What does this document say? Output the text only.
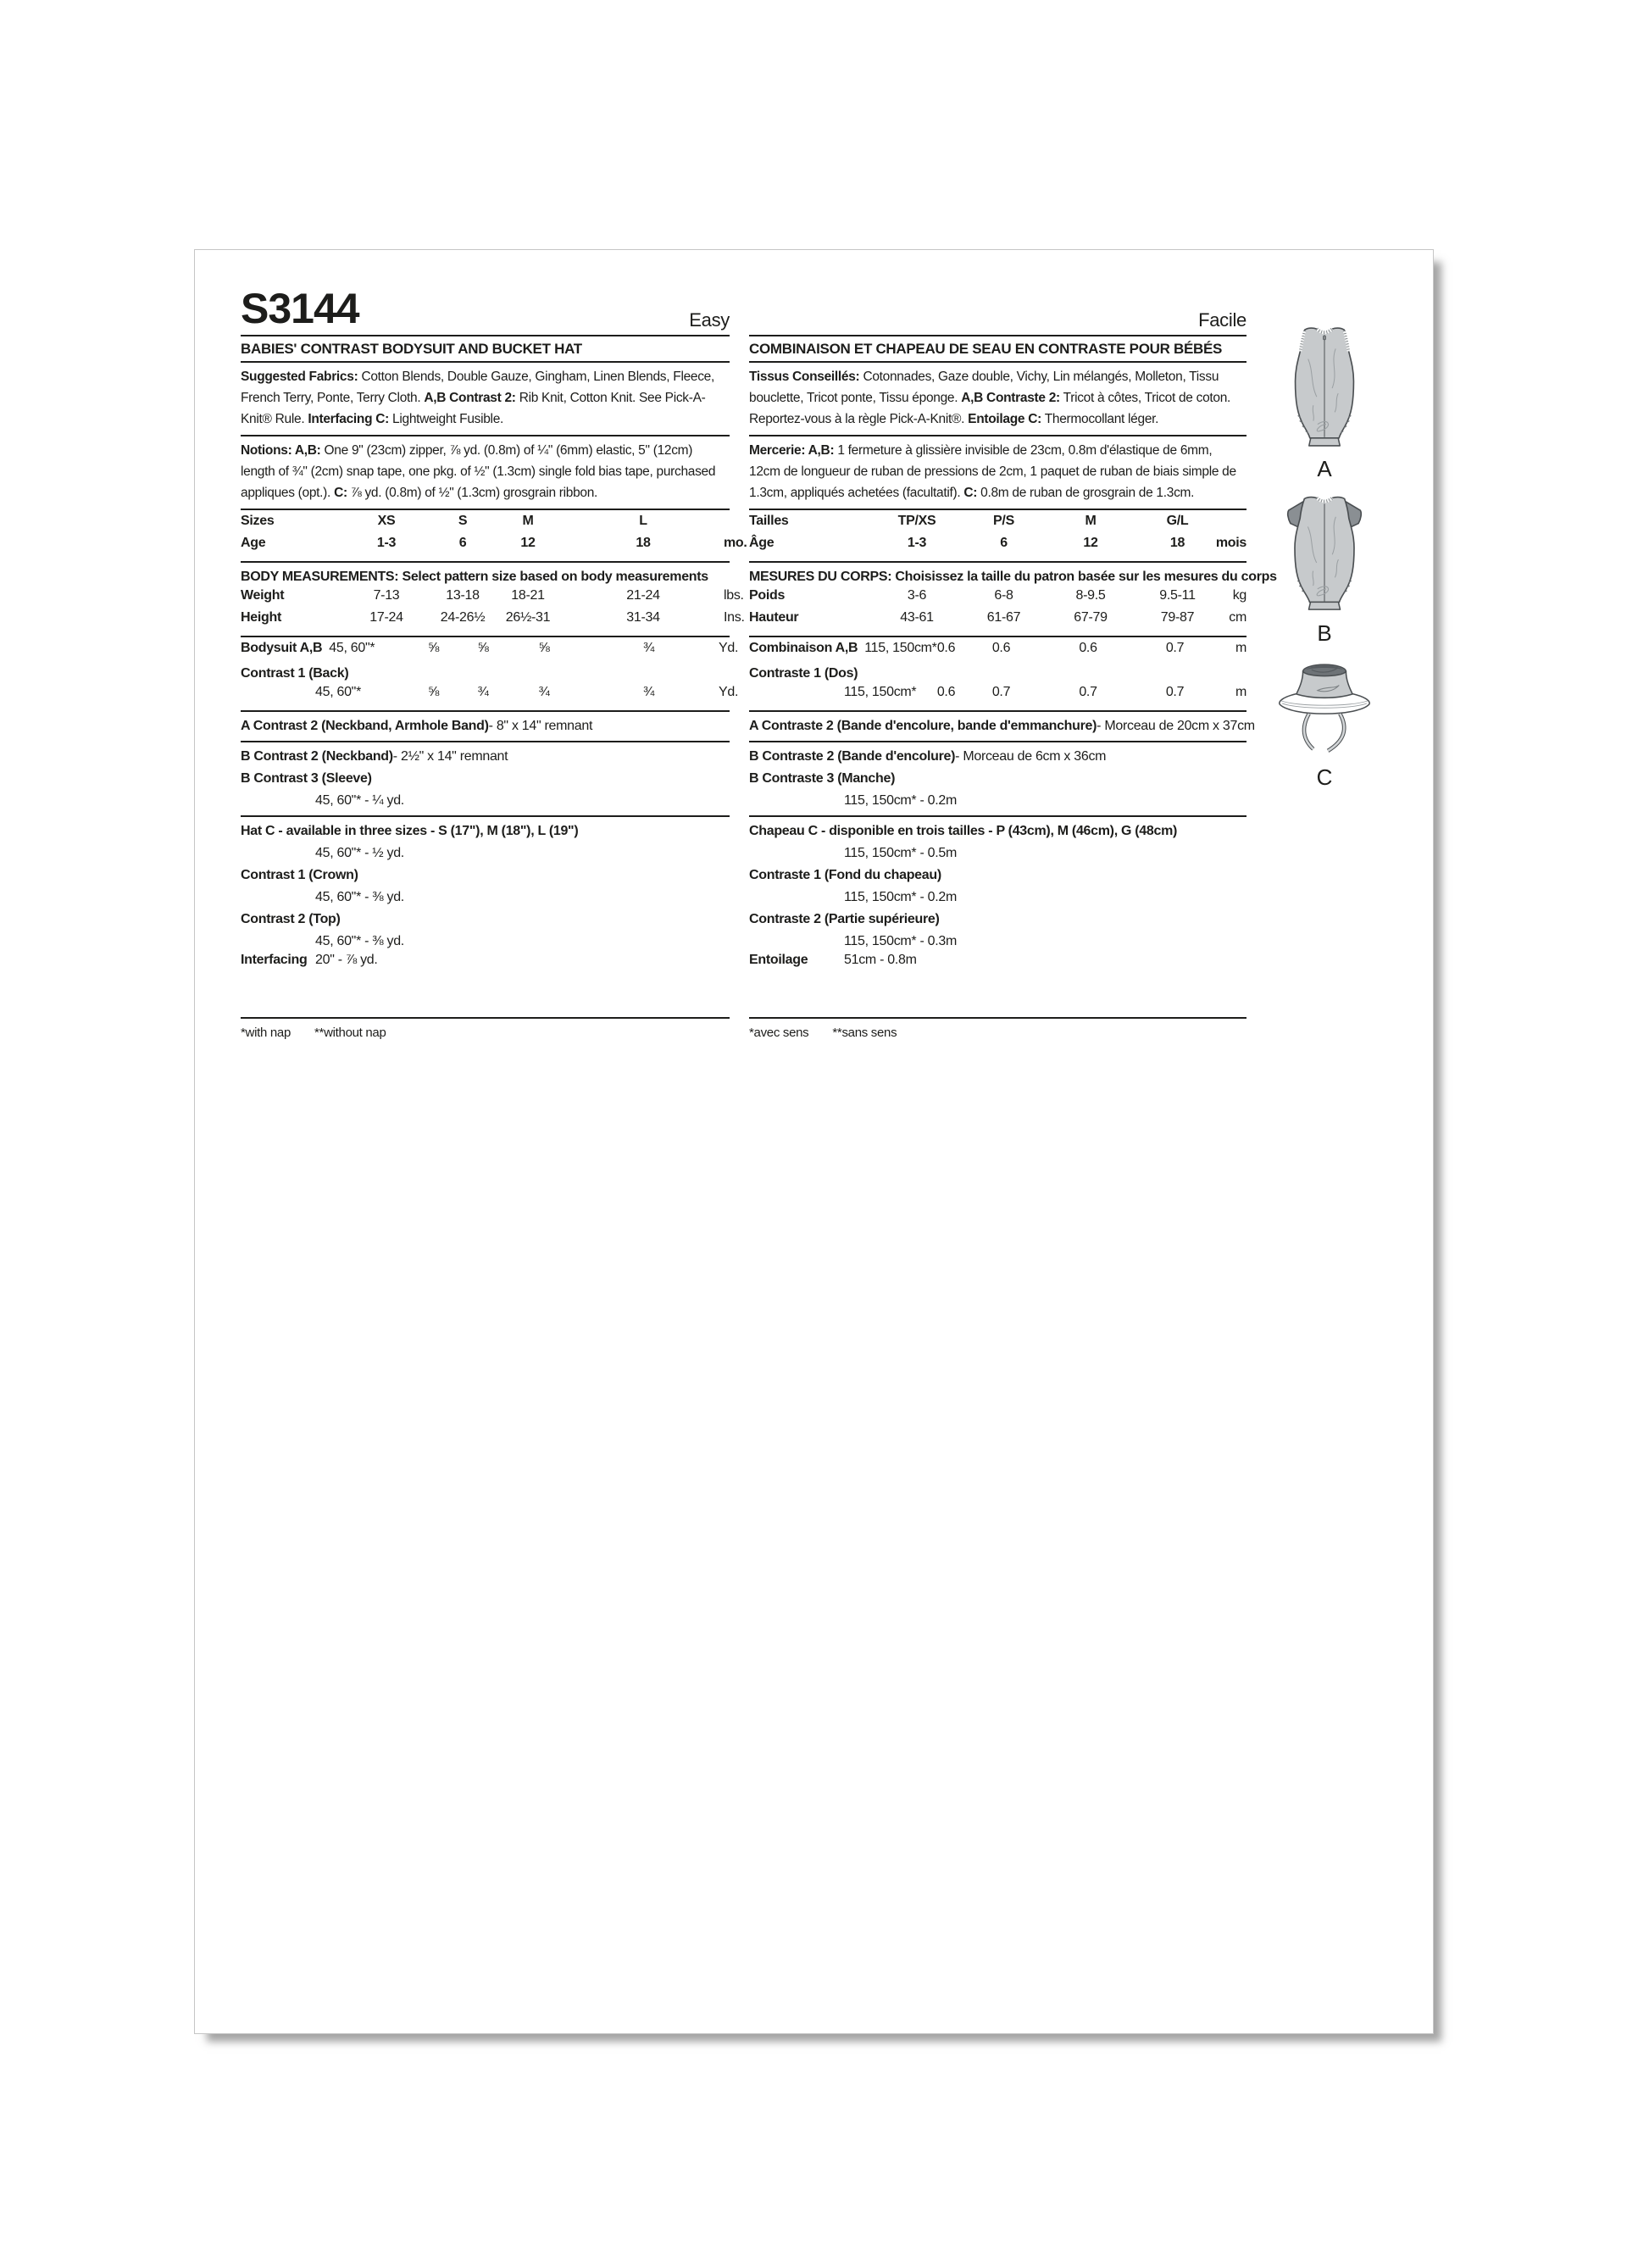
S3144	Easy
BABIES' CONTRAST BODYSUIT AND BUCKET HAT

Suggested Fabrics: Cotton Blends, Double Gauze, Gingham, Linen Blends, Fleece, French Terry, Ponte, Terry Cloth. A,B Contrast 2: Rib Knit, Cotton Knit. See Pick-A-Knit® Rule. Interfacing C: Lightweight Fusible.

Notions: A,B: One 9" (23cm) zipper, ⅞ yd. (0.8m) of ¼" (6mm) elastic, 5" (12cm) length of ¾" (2cm) snap tape, one pkg. of ½" (1.3cm) single fold bias tape, purchased appliques (opt.). C: ⅞ yd. (0.8m) of ½" (1.3cm) grosgrain ribbon.

Sizes	XS	S	M	L
Age	1-3	6	12	18	mo.
BODY MEASUREMENTS: Select pattern size based on body measurements
Weight	7-13	13-18	18-21	21-24	lbs.
Height	17-24	24-26½	26½-31	31-34	Ins.
Bodysuit A,B 45, 60"*	⅝	⅝	⅝	¾	Yd.
Contrast 1 (Back)
45, 60"*	⅝	¾	¾	¾	Yd.
A Contrast 2 (Neckband, Armhole Band) - 8" x 14" remnant
B Contrast 2 (Neckband) - 2½" x 14" remnant
B Contrast 3 (Sleeve)
45, 60"* - ¼ yd.
Hat C - available in three sizes - S (17"), M (18"), L (19")
45, 60"* - ½ yd.
Contrast 1 (Crown)
45, 60"* - ⅜ yd.
Contrast 2 (Top)
45, 60"* - ⅜ yd.
Interfacing 20" - ⅞ yd.
*with nap **without nap
Facile
COMBINAISON ET CHAPEAU DE SEAU EN CONTRASTE POUR BÉBÉS

Tissus Conseillés: Cotonnades, Gaze double, Vichy, Lin mélangés, Molleton, Tissu bouclette, Tricot ponte, Tissu éponge. A,B Contraste 2: Tricot à côtes, Tricot de coton. Reportez-vous à la règle Pick-A-Knit®. Entoilage C: Thermocollant léger.

Mercerie: A,B: 1 fermeture à glissière invisible de 23cm, 0.8m d'élastique de 6mm, 12cm de longueur de ruban de pressions de 2cm, 1 paquet de ruban de biais simple de 1.3cm, appliqués achetées (facultatif). C: 0.8m de ruban de grosgrain de 1.3cm.

Tailles	TP/XS	P/S	M	G/L
Âge	1-3	6	12	18	mois
MESURES DU CORPS: Choisissez la taille du patron basée sur les mesures du corps
Poids	3-6	6-8	8-9.5	9.5-11	kg
Hauteur	43-61	61-67	67-79	79-87	cm
Combinaison A,B 115, 150cm* 0.6	0.6	0.6	0.7	m
Contraste 1 (Dos)
115, 150cm*	0.6	0.7	0.7	0.7	m
A Contraste 2 (Bande d'encolure, bande d'emmanchure) - Morceau de 20cm x 37cm
B Contraste 2 (Bande d'encolure) - Morceau de 6cm x 36cm
B Contraste 3 (Manche)
115, 150cm* - 0.2m
Chapeau C - disponible en trois tailles - P (43cm), M (46cm), G (48cm)
115, 150cm* - 0.5m
Contraste 1 (Fond du chapeau)
115, 150cm* - 0.2m
Contraste 2 (Partie supérieure)
115, 150cm* - 0.3m
Entoilage	51cm - 0.8m
*avec sens **sans sens
A
B
C
